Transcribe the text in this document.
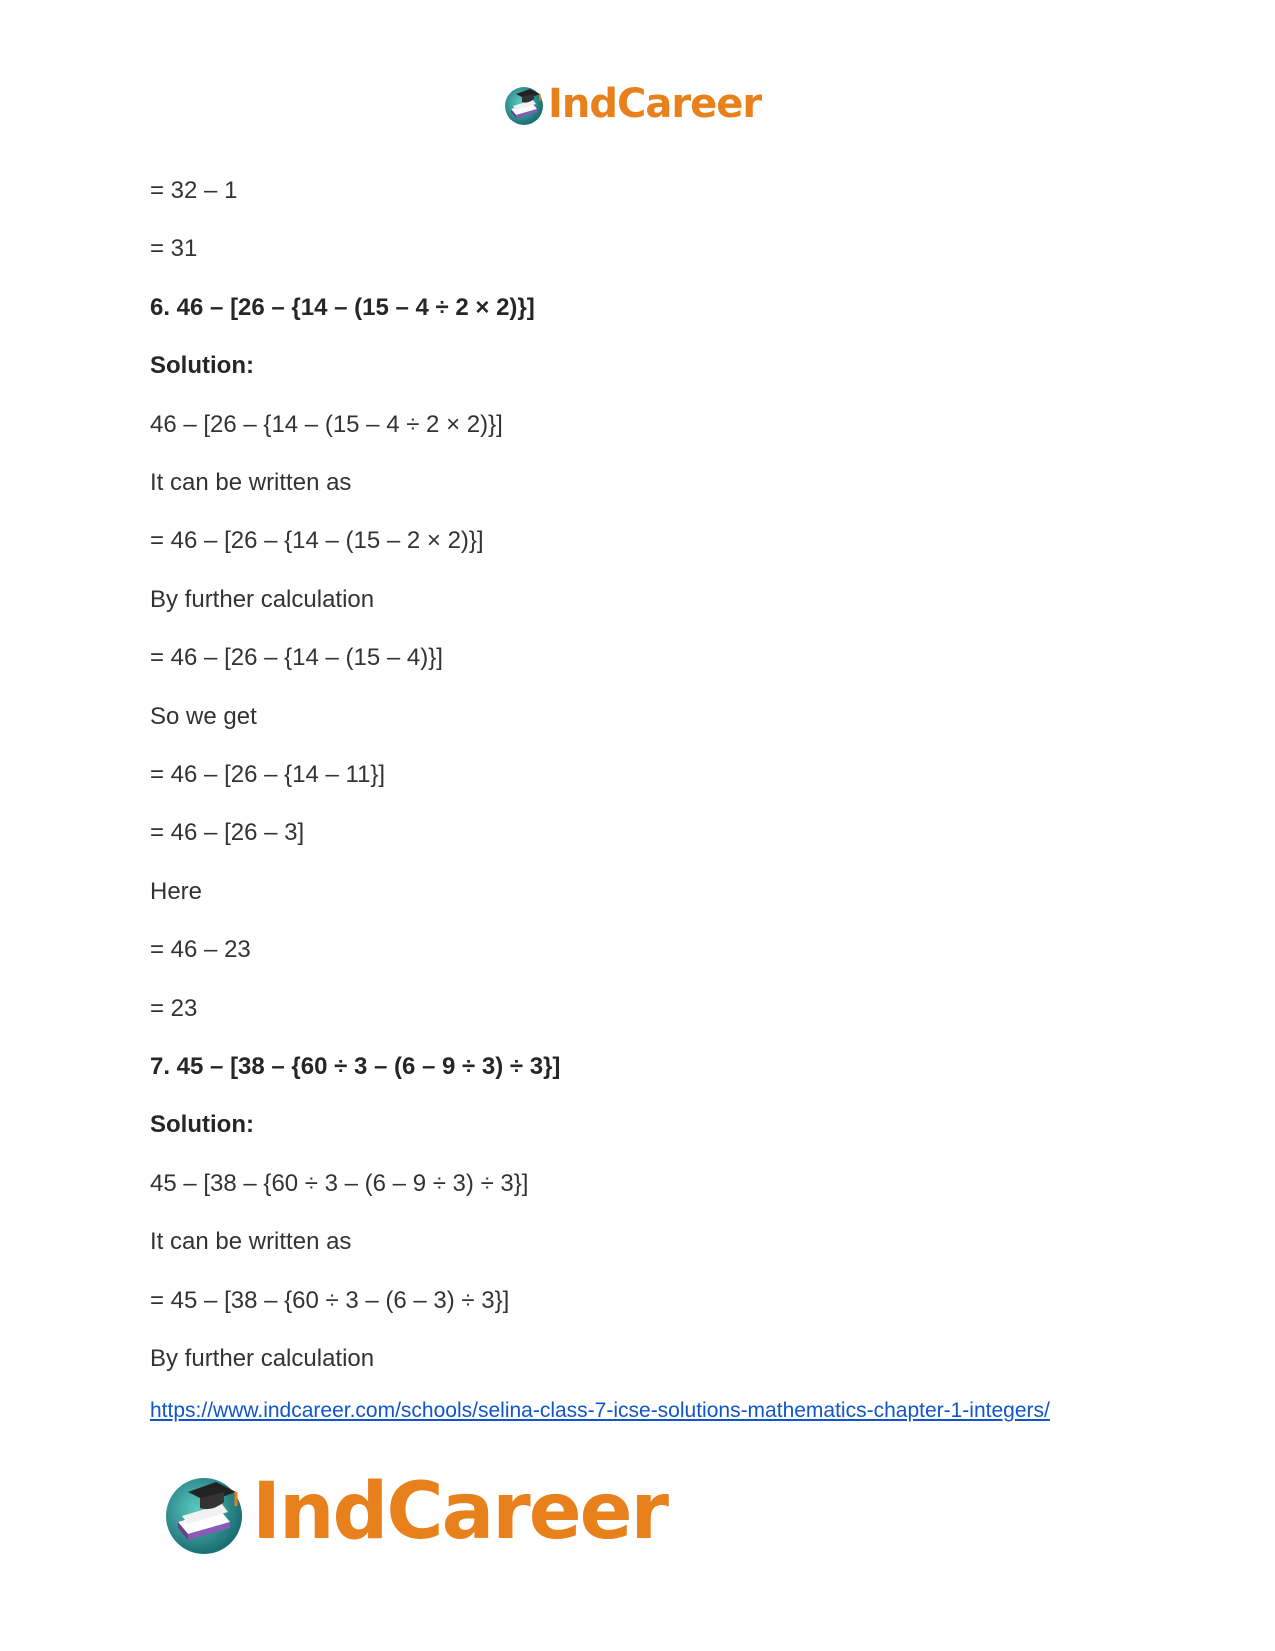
IndCareer
= 32 – 1
= 31
6. 46 – [26 – {14 – (15 – 4 ÷ 2 × 2)}]
Solution:
46 – [26 – {14 – (15 – 4 ÷ 2 × 2)}]
It can be written as
= 46 – [26 – {14 – (15 – 2 × 2)}]
By further calculation
= 46 – [26 – {14 – (15 – 4)}]
So we get
= 46 – [26 – {14 – 11}]
= 46 – [26 – 3]
Here
= 46 – 23
= 23
7. 45 – [38 – {60 ÷ 3 – (6 – 9 ÷ 3) ÷ 3}]
Solution:
45 – [38 – {60 ÷ 3 – (6 – 9 ÷ 3) ÷ 3}]
It can be written as
= 45 – [38 – {60 ÷ 3 – (6 – 3) ÷ 3}]
By further calculation
https://www.indcareer.com/schools/selina-class-7-icse-solutions-mathematics-chapter-1-integers/
IndCareer
